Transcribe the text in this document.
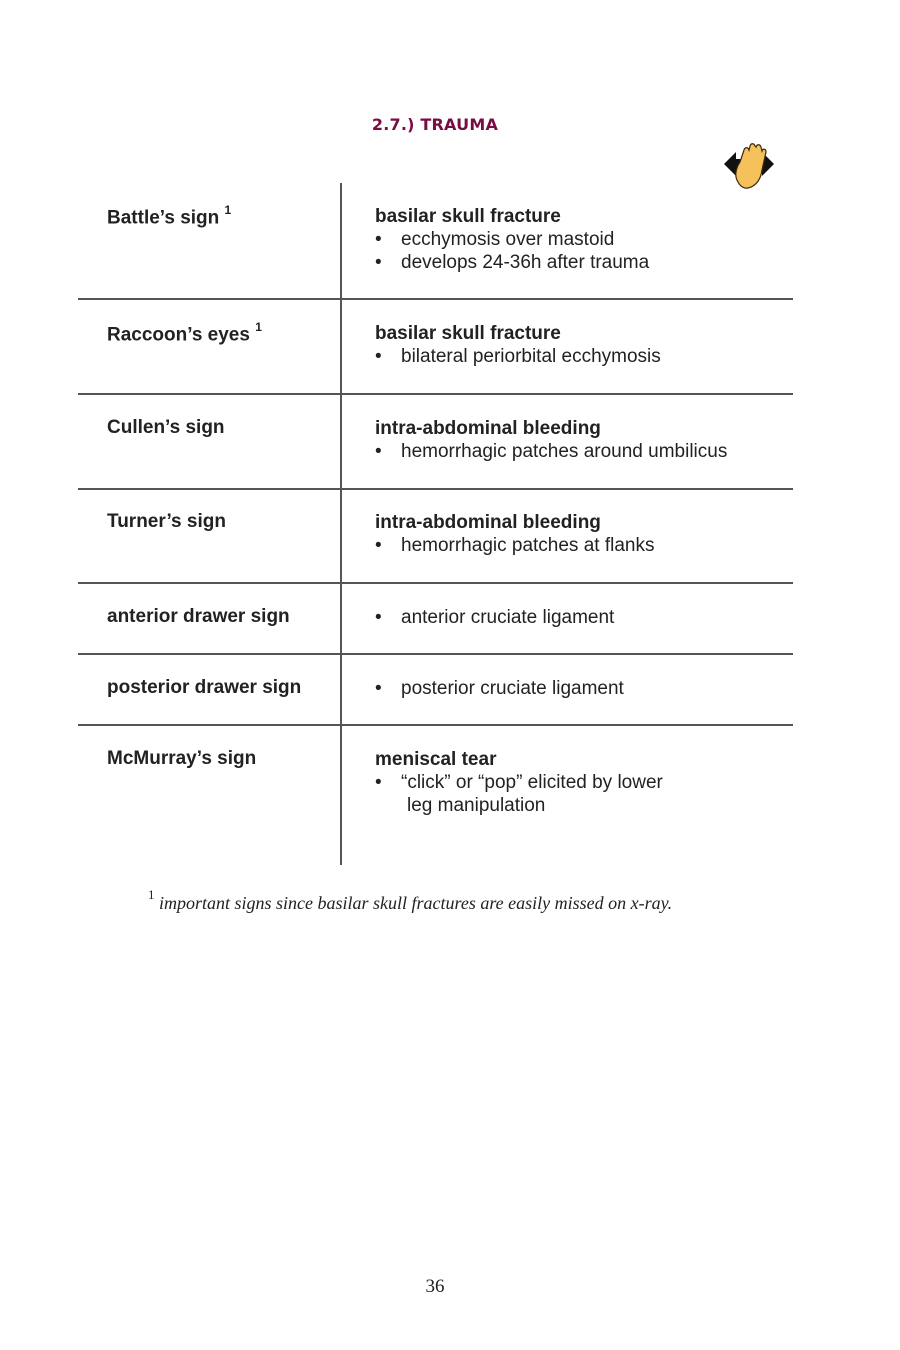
2.7.) TRAUMA
Battle’s sign $^1$	basilar skull fracture
• ecchymosis over mastoid
• develops 24-36h after trauma
Raccoon’s eyes $^1$	basilar skull fracture
• bilateral periorbital ecchymosis
Cullen’s sign	intra-abdominal bleeding
• hemorrhagic patches around umbilicus
Turner’s sign	intra-abdominal bleeding
• hemorrhagic patches at flanks
anterior drawer sign	• anterior cruciate ligament
posterior drawer sign	• posterior cruciate ligament
McMurray’s sign	meniscal tear
• “click” or “pop” elicited by lower
leg manipulation
$^1$ important signs since basilar skull fractures are easily missed on x-ray.
36
